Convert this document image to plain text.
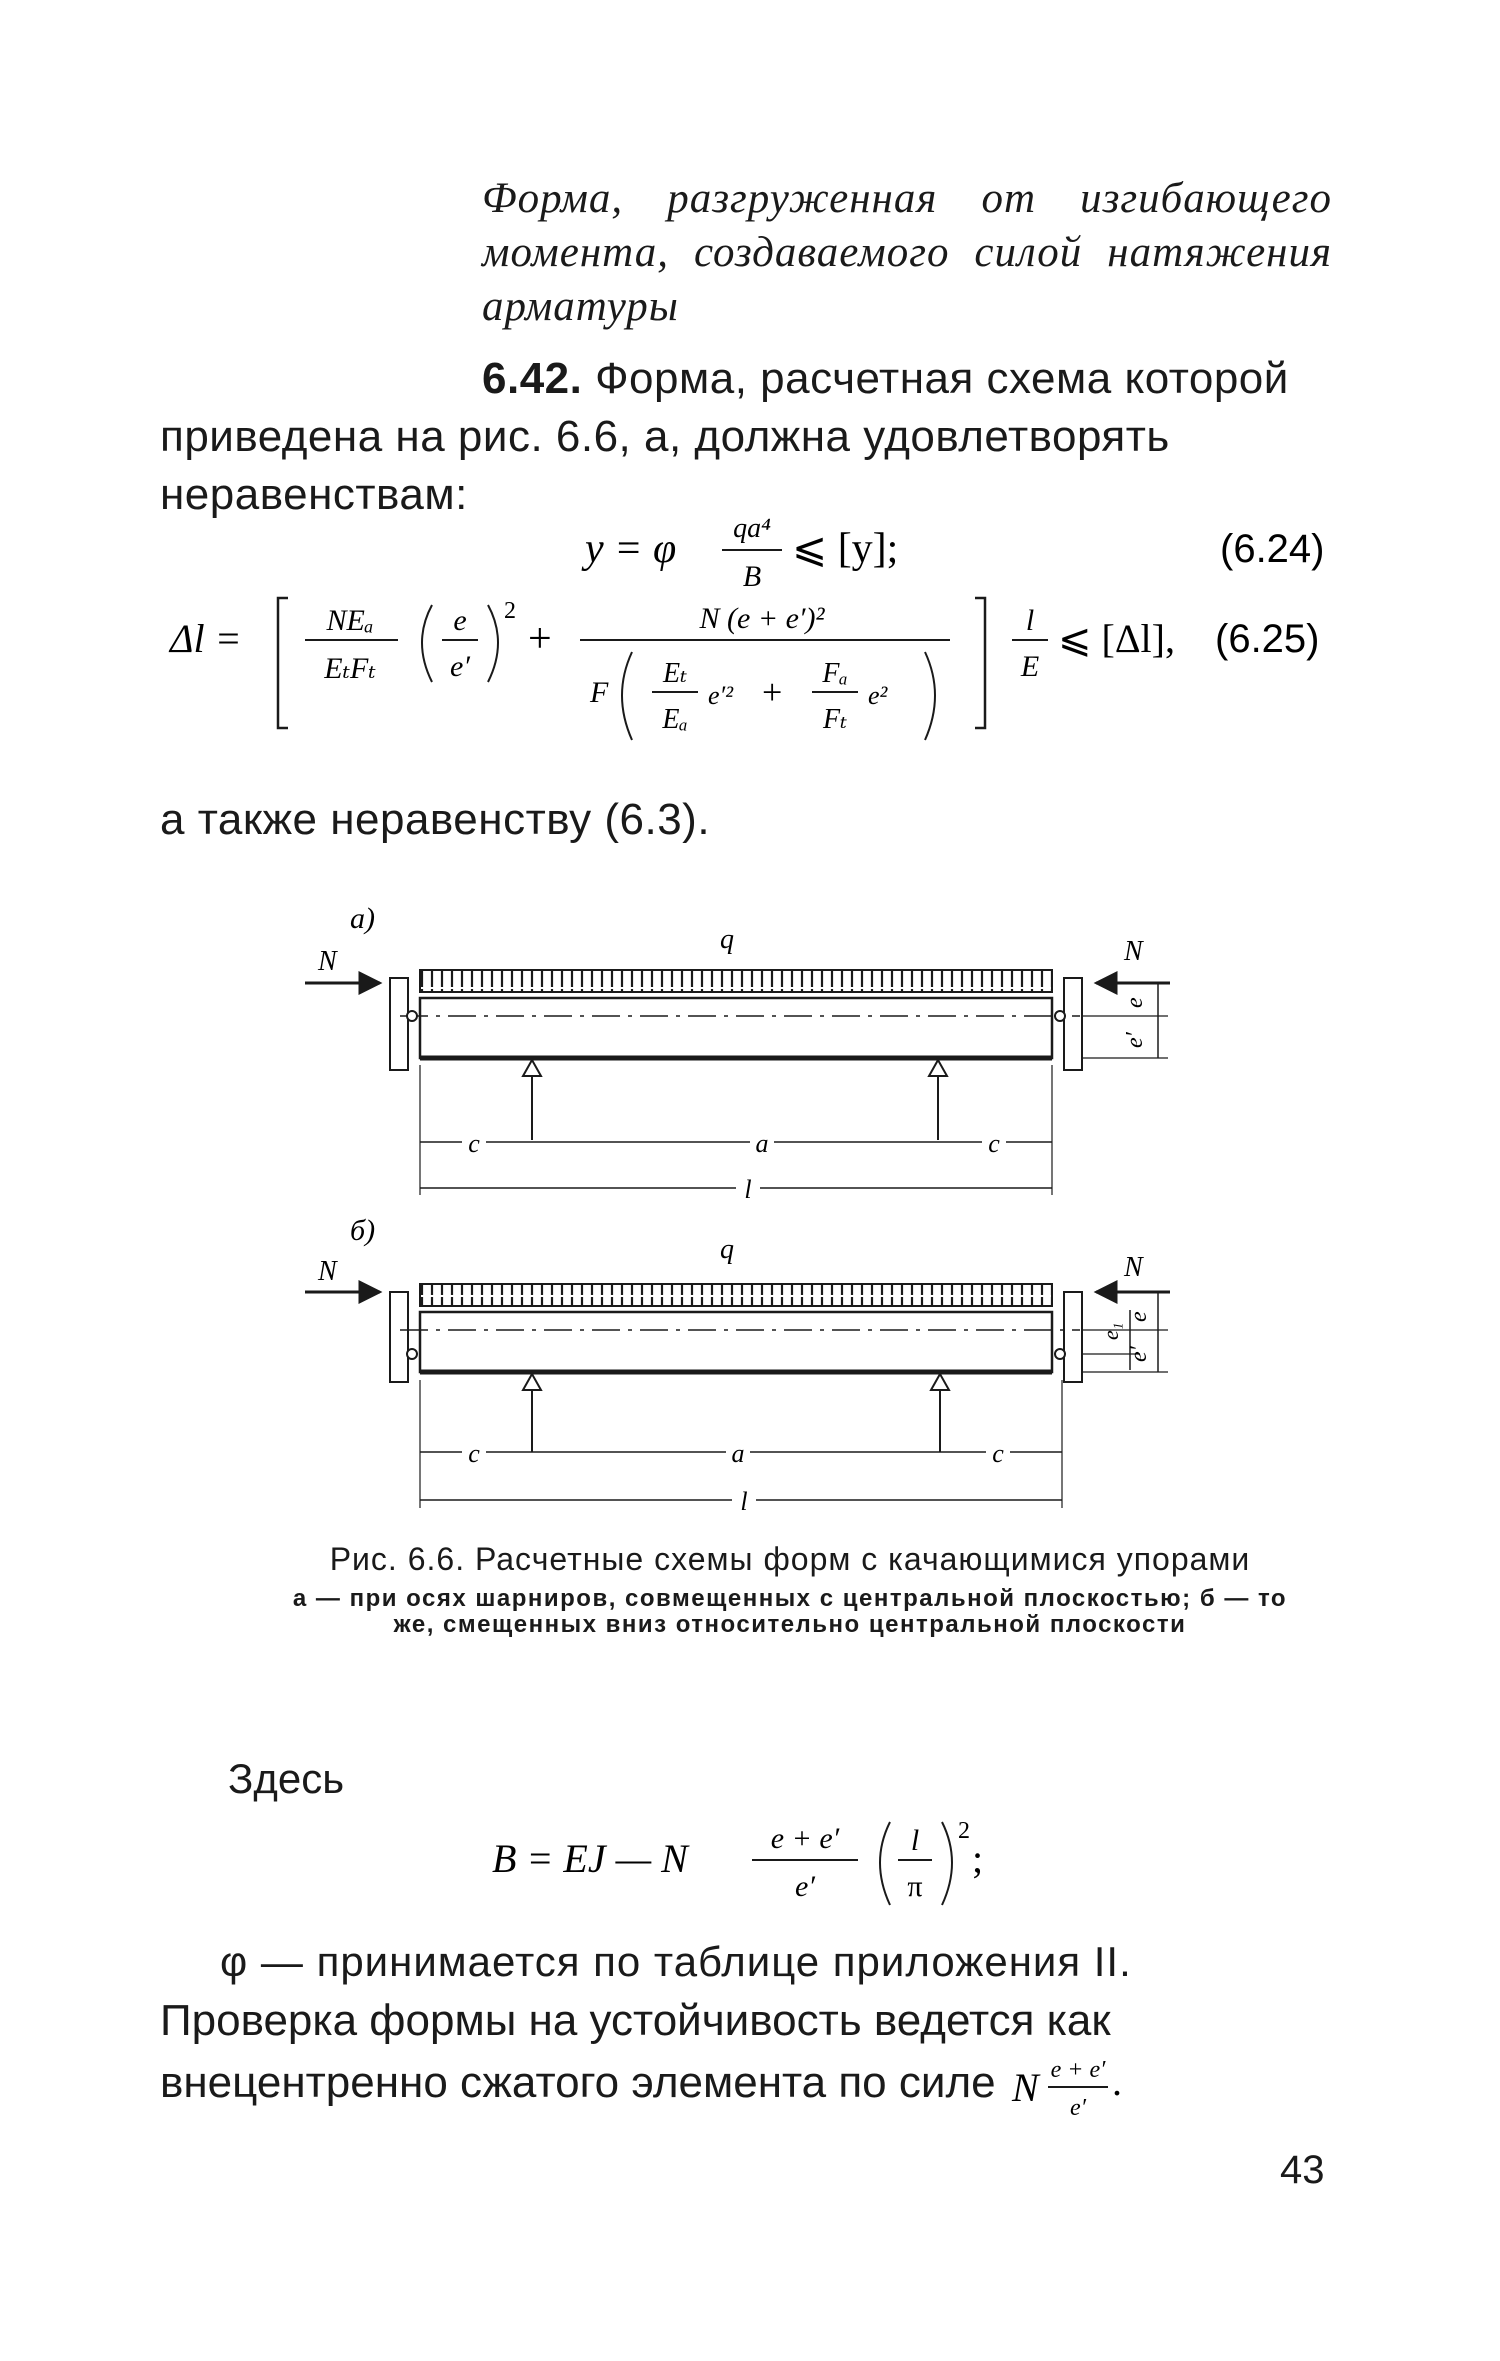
Форма, разгруженная от изгибающего момента, создаваемого силой натяжения арматуры
6.42. Форма, расчетная схема которой приведена на рис. 6.6, а, должна удовлетворять неравенствам:
y = φ qa⁴
B
⩽ [y];	(6.24)
Δl =	NEₐ
EₜFₜ
e
e′
2
+	N (e + e′)²
F
Eₜ
Eₐ
e′² + Fₐ
Fₜ
e²
l
E
⩽ [Δl], (6.25)
а также неравенству (6.3).
а)
N
q	N
e
e′
c	a	c
l
б)
N
q
N
e₁
e
e′
c	a	c
l
Рис. 6.6. Расчетные схемы форм с качающимися упорами
а — при осях шарниров, совмещенных с центральной плоскостью; б — то же, смещенных вниз относительно центральной плоскости
Здесь
B = EJ — N	e + e′
e′
l
π
2
;
φ — принимается по таблице приложения II.
Проверка формы на устойчивость ведется как внецентренно сжатого элемента по силе N e + e′
e′
.
43
